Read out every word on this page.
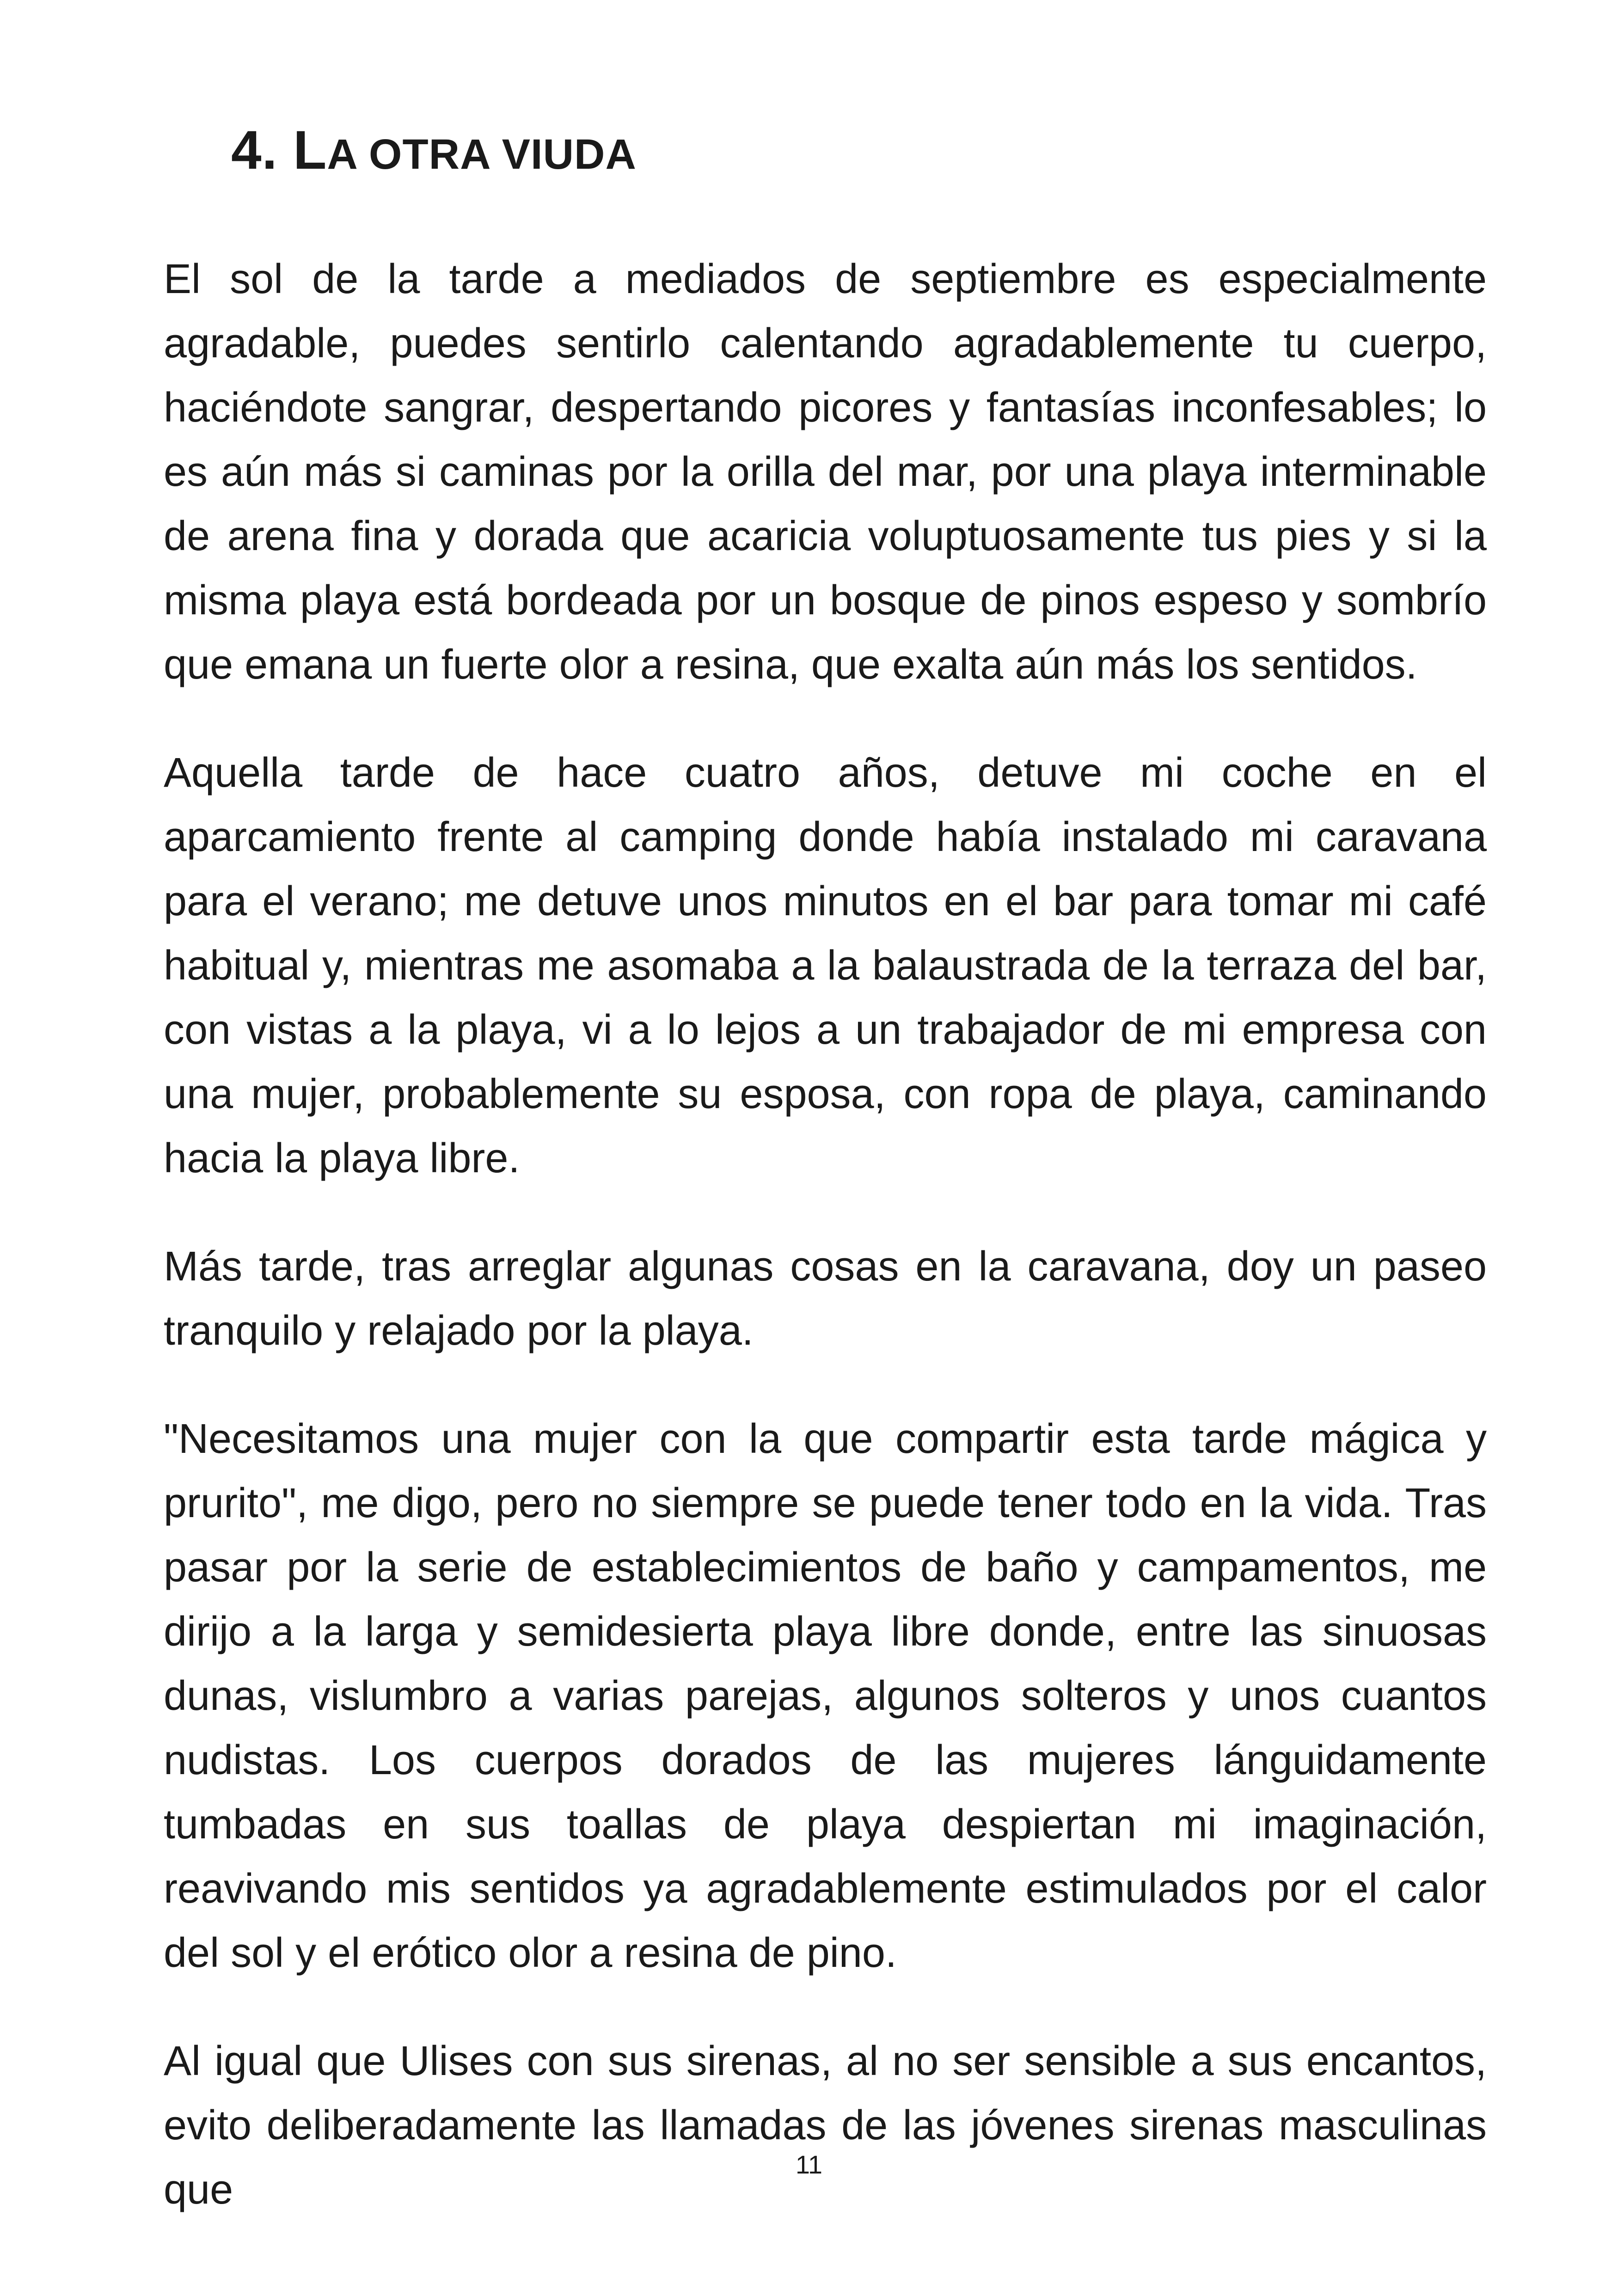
4. LA OTRA VIUDA

El sol de la tarde a mediados de septiembre es especialmente agradable, puedes sentirlo calentando agradablemente tu cuerpo, haciéndote sangrar, despertando picores y fantasías inconfesables; lo es aún más si caminas por la orilla del mar, por una playa interminable de arena fina y dorada que acaricia voluptuosamente tus pies y si la misma playa está bordeada por un bosque de pinos espeso y sombrío que emana un fuerte olor a resina, que exalta aún más los sentidos.

Aquella tarde de hace cuatro años, detuve mi coche en el aparcamiento frente al camping donde había instalado mi caravana para el verano; me detuve unos minutos en el bar para tomar mi café habitual y, mientras me asomaba a la balaustrada de la terraza del bar, con vistas a la playa, vi a lo lejos a un trabajador de mi empresa con una mujer, probablemente su esposa, con ropa de playa, caminando hacia la playa libre.

Más tarde, tras arreglar algunas cosas en la caravana, doy un paseo tranquilo y relajado por la playa.

"Necesitamos una mujer con la que compartir esta tarde mágica y prurito", me digo, pero no siempre se puede tener todo en la vida. Tras pasar por la serie de establecimientos de baño y campamentos, me dirijo a la larga y semidesierta playa libre donde, entre las sinuosas dunas, vislumbro a varias parejas, algunos solteros y unos cuantos nudistas. Los cuerpos dorados de las mujeres lánguidamente tumbadas en sus toallas de playa despiertan mi imaginación, reavivando mis sentidos ya agradablemente estimulados por el calor del sol y el erótico olor a resina de pino.

Al igual que Ulises con sus sirenas, al no ser sensible a sus encantos, evito deliberadamente las llamadas de las jóvenes sirenas masculinas que

11
